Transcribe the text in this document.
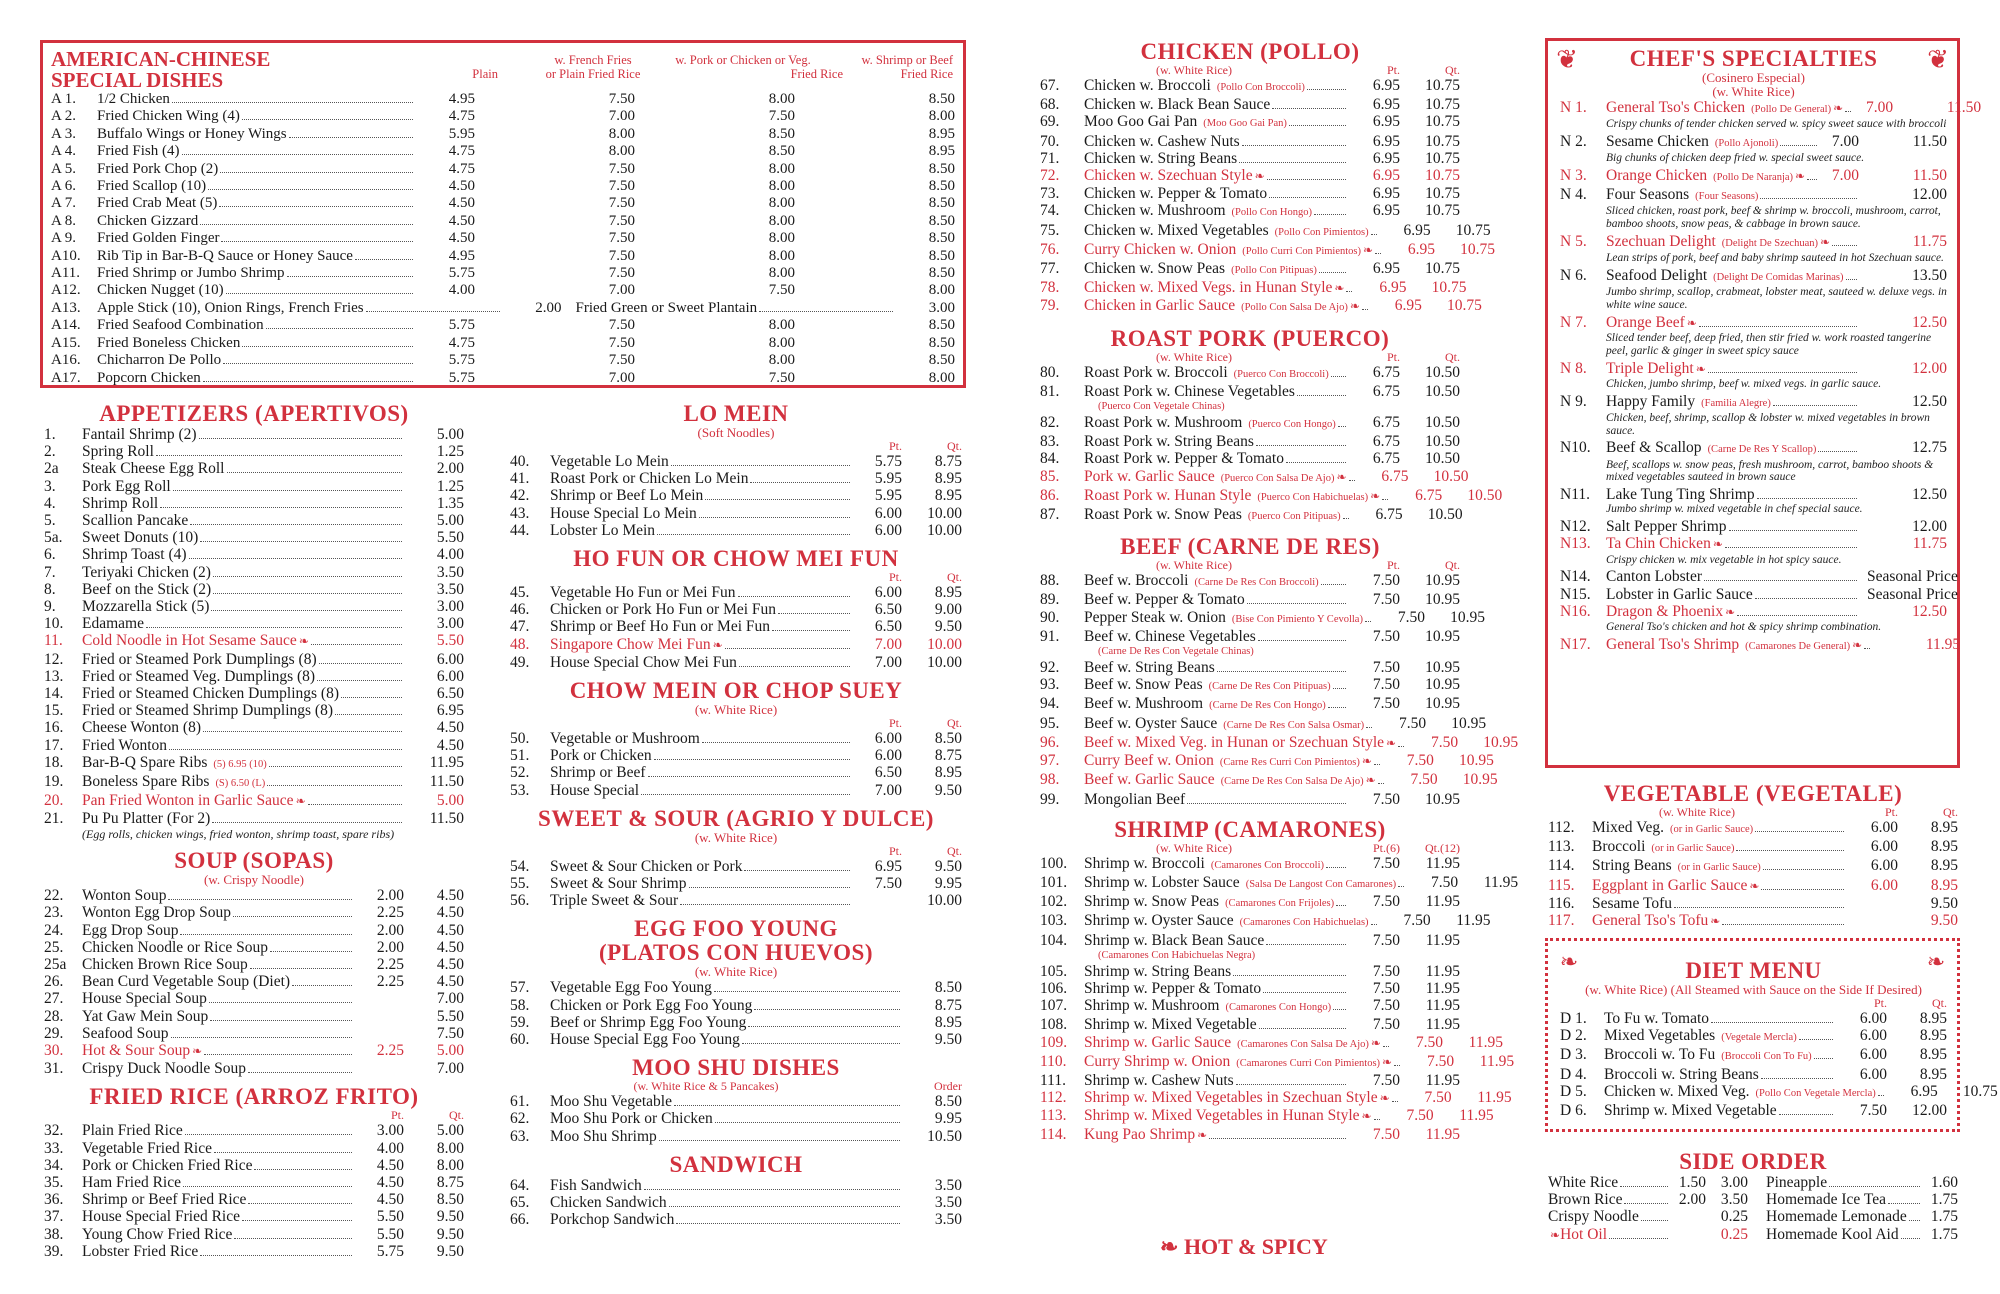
AMERICAN-CHINESE
SPECIAL DISHES	Plain
w. French Fries
or Plain Fried Rice
w. Pork or Chicken or Veg.
Fried Rice
w. Shrimp or Beef
Fried Rice
A 1.	1/2 Chicken	4.95	7.50	8.00	8.50
A 2.	Fried Chicken Wing (4)	4.75	7.00	7.50	8.00
A 3.	Buffalo Wings or Honey Wings	5.95	8.00	8.50	8.95
A 4.	Fried Fish (4)	4.75	8.00	8.50	8.95
A 5.	Fried Pork Chop (2)	4.75	7.50	8.00	8.50
A 6.	Fried Scallop (10)	4.50	7.50	8.00	8.50
A 7.	Fried Crab Meat (5)	4.50	7.50	8.00	8.50
A 8.	Chicken Gizzard	4.50	7.50	8.00	8.50
A 9.	Fried Golden Finger	4.50	7.50	8.00	8.50
A10.	Rib Tip in Bar-B-Q Sauce or Honey Sauce	4.95	7.50	8.00	8.50
A11.	Fried Shrimp or Jumbo Shrimp	5.75	7.50	8.00	8.50
A12.	Chicken Nugget (10)	4.00	7.00	7.50	8.00
A13.	Apple Stick (10), Onion Rings, French Fries	2.00 Fried Green or Sweet Plantain	3.00
A14.	Fried Seafood Combination	5.75	7.50	8.00	8.50
A15.	Fried Boneless Chicken	4.75	7.50	8.00	8.50
A16.	Chicharron De Pollo	5.75	7.50	8.00	8.50
A17.	Popcorn Chicken	5.75	7.00	7.50	8.00
APPETIZERS (APERTIVOS)
1.	Fantail Shrimp (2)	5.00
2.	Spring Roll	1.25
2a	Steak Cheese Egg Roll	2.00
3.	Pork Egg Roll	1.25
4.	Shrimp Roll	1.35
5.	Scallion Pancake	5.00
5a.	Sweet Donuts (10)	5.50
6.	Shrimp Toast (4)	4.00
7.	Teriyaki Chicken (2)	3.50
8.	Beef on the Stick (2)	3.50
9.	Mozzarella Stick (5)	3.00
10.	Edamame	3.00
11.	Cold Noodle in Hot Sesame Sauce ❧	5.50
12.	Fried or Steamed Pork Dumplings (8)	6.00
13.	Fried or Steamed Veg. Dumplings (8)	6.00
14.	Fried or Steamed Chicken Dumplings (8)	6.50
15.	Fried or Steamed Shrimp Dumplings (8)	6.95
16.	Cheese Wonton (8)	4.50
17.	Fried Wonton	4.50
18.	Bar-B-Q Spare Ribs (5) 6.95 (10)	11.95
19.	Boneless Spare Ribs (S) 6.50 (L)	11.50
20.	Pan Fried Wonton in Garlic Sauce ❧	5.00
21.	Pu Pu Platter (For 2)	11.50
(Egg rolls, chicken wings, fried wonton, shrimp toast, spare ribs)
SOUP (SOPAS)
(w. Crispy Noodle)
22.	Wonton Soup	2.00	4.50
23.	Wonton Egg Drop Soup	2.25	4.50
24.	Egg Drop Soup	2.00	4.50
25.	Chicken Noodle or Rice Soup	2.00	4.50
25a	Chicken Brown Rice Soup	2.25	4.50
26.	Bean Curd Vegetable Soup (Diet)	2.25	4.50
27.	House Special Soup	7.00
28.	Yat Gaw Mein Soup	5.50
29.	Seafood Soup	7.50
30.	Hot & Sour Soup ❧	2.25	5.00
31.	Crispy Duck Noodle Soup	7.00
FRIED RICE (ARROZ FRITO)
Pt.	Qt.
32.	Plain Fried Rice	3.00	5.00
33.	Vegetable Fried Rice	4.00	8.00
34.	Pork or Chicken Fried Rice	4.50	8.00
35.	Ham Fried Rice	4.50	8.75
36.	Shrimp or Beef Fried Rice	4.50	8.50
37.	House Special Fried Rice	5.50	9.50
38.	Young Chow Fried Rice	5.50	9.50
39.	Lobster Fried Rice	5.75	9.50
LO MEIN
(Soft Noodles)
Pt.	Qt.
40.	Vegetable Lo Mein	5.75	8.75
41.	Roast Pork or Chicken Lo Mein	5.95	8.95
42.	Shrimp or Beef Lo Mein	5.95	8.95
43.	House Special Lo Mein	6.00	10.00
44.	Lobster Lo Mein	6.00	10.00
HO FUN OR CHOW MEI FUN
Pt.	Qt.
45.	Vegetable Ho Fun or Mei Fun	6.00	8.95
46.	Chicken or Pork Ho Fun or Mei Fun	6.50	9.00
47.	Shrimp or Beef Ho Fun or Mei Fun	6.50	9.50
48.	Singapore Chow Mei Fun ❧	7.00	10.00
49.	House Special Chow Mei Fun	7.00	10.00
CHOW MEIN OR CHOP SUEY
(w. White Rice)
Pt.	Qt.
50.	Vegetable or Mushroom	6.00	8.50
51.	Pork or Chicken	6.00	8.75
52.	Shrimp or Beef	6.50	8.95
53.	House Special	7.00	9.50
SWEET & SOUR (AGRIO Y DULCE)
(w. White Rice)
Pt.	Qt.
54.	Sweet & Sour Chicken or Pork	6.95	9.50
55.	Sweet & Sour Shrimp	7.50	9.95
56.	Triple Sweet & Sour	10.00
EGG FOO YOUNG
(PLATOS CON HUEVOS)
(w. White Rice)
57.	Vegetable Egg Foo Young	8.50
58.	Chicken or Pork Egg Foo Young	8.75
59.	Beef or Shrimp Egg Foo Young	8.95
60.	House Special Egg Foo Young	9.50
MOO SHU DISHES
(w. White Rice & 5 Pancakes)	Order
61.	Moo Shu Vegetable	8.50
62.	Moo Shu Pork or Chicken	9.95
63.	Moo Shu Shrimp	10.50
SANDWICH
64.	Fish Sandwich	3.50
65.	Chicken Sandwich	3.50
66.	Porkchop Sandwich	3.50
CHICKEN (POLLO)
(w. White Rice)	Pt.	Qt.
67.	Chicken w. Broccoli (Pollo Con Broccoli)	6.95	10.75
68.	Chicken w. Black Bean Sauce	6.95	10.75
69.	Moo Goo Gai Pan (Moo Goo Gai Pan)	6.95	10.75
70.	Chicken w. Cashew Nuts	6.95	10.75
71.	Chicken w. String Beans	6.95	10.75
72.	Chicken w. Szechuan Style ❧	6.95	10.75
73.	Chicken w. Pepper & Tomato	6.95	10.75
74.	Chicken w. Mushroom (Pollo Con Hongo)	6.95	10.75
75.	Chicken w. Mixed Vegetables (Pollo Con Pimientos)	6.95	10.75
76.	Curry Chicken w. Onion (Pollo Curri Con Pimientos) ❧	6.95	10.75
77.	Chicken w. Snow Peas (Pollo Con Pitipuas)	6.95	10.75
78.	Chicken w. Mixed Vegs. in Hunan Style ❧	6.95	10.75
79.	Chicken in Garlic Sauce (Pollo Con Salsa De Ajo) ❧	6.95	10.75
ROAST PORK (PUERCO)
(w. White Rice)	Pt.	Qt.
80.	Roast Pork w. Broccoli (Puerco Con Broccoli)	6.75	10.50
81.	Roast Pork w. Chinese Vegetables	6.75	10.50
(Puerco Con Vegetale Chinas)
82.	Roast Pork w. Mushroom (Puerco Con Hongo)	6.75	10.50
83.	Roast Pork w. String Beans	6.75	10.50
84.	Roast Pork w. Pepper & Tomato	6.75	10.50
85.	Pork w. Garlic Sauce (Puerco Con Salsa De Ajo) ❧	6.75	10.50
86.	Roast Pork w. Hunan Style (Puerco Con Habichuelas) ❧	6.75	10.50
87.	Roast Pork w. Snow Peas (Puerco Con Pitipuas)	6.75	10.50
BEEF (CARNE DE RES)
(w. White Rice)	Pt.	Qt.
88.	Beef w. Broccoli (Carne De Res Con Broccoli)	7.50	10.95
89.	Beef w. Pepper & Tomato	7.50	10.95
90.	Pepper Steak w. Onion (Bise Con Pimiento Y Cevolla)	7.50	10.95
91.	Beef w. Chinese Vegetables	7.50	10.95
(Carne De Res Con Vegetale Chinas)
92.	Beef w. String Beans	7.50	10.95
93.	Beef w. Snow Peas (Carne De Res Con Pitipuas)	7.50	10.95
94.	Beef w. Mushroom (Carne De Res Con Hongo)	7.50	10.95
95.	Beef w. Oyster Sauce (Carne De Res Con Salsa Osmar)	7.50	10.95
96.	Beef w. Mixed Veg. in Hunan or Szechuan Style ❧	7.50	10.95
97.	Curry Beef w. Onion (Carne Res Curri Con Pimientos) ❧	7.50	10.95
98.	Beef w. Garlic Sauce (Carne De Res Con Salsa De Ajo) ❧	7.50	10.95
99.	Mongolian Beef	7.50	10.95
SHRIMP (CAMARONES)
(w. White Rice)	Pt.(6)	Qt.(12)
100.	Shrimp w. Broccoli (Camarones Con Broccoli)	7.50	11.95
101.	Shrimp w. Lobster Sauce (Salsa De Langost Con Camarones)	7.50	11.95
102.	Shrimp w. Snow Peas (Camarones Con Frijoles)	7.50	11.95
103.	Shrimp w. Oyster Sauce (Camarones Con Habichuelas)	7.50	11.95
104.	Shrimp w. Black Bean Sauce	7.50	11.95
(Camarones Con Habichuelas Negra)
105.	Shrimp w. String Beans	7.50	11.95
106.	Shrimp w. Pepper & Tomato	7.50	11.95
107.	Shrimp w. Mushroom (Camarones Con Hongo)	7.50	11.95
108.	Shrimp w. Mixed Vegetable	7.50	11.95
109.	Shrimp w. Garlic Sauce (Camarones Con Salsa De Ajo) ❧	7.50	11.95
110.	Curry Shrimp w. Onion (Camarones Curri Con Pimientos) ❧	7.50	11.95
111.	Shrimp w. Cashew Nuts	7.50	11.95
112.	Shrimp w. Mixed Vegetables in Szechuan Style ❧	7.50	11.95
113.	Shrimp w. Mixed Vegetables in Hunan Style ❧	7.50	11.95
114.	Kung Pao Shrimp ❧	7.50	11.95
❦	❦
CHEF'S SPECIALTIES
(Cosinero Especial)
(w. White Rice)
N 1.	General Tso's Chicken (Pollo De General) ❧	7.00	11.50
Crispy chunks of tender chicken served w. spicy sweet sauce with broccoli
N 2.	Sesame Chicken (Pollo Ajonoli)	7.00	11.50
Big chunks of chicken deep fried w. special sweet sauce.
N 3.	Orange Chicken (Pollo De Naranja) ❧	7.00	11.50
N 4.	Four Seasons (Four Seasons)	12.00
Sliced chicken, roast pork, beef & shrimp w. broccoli, mushroom, carrot, bamboo shoots, snow peas, & cabbage in brown sauce.
N 5.	Szechuan Delight (Delight De Szechuan) ❧	11.75
Lean strips of pork, beef and baby shrimp sauteed in hot Szechuan sauce.
N 6.	Seafood Delight (Delight De Comidas Marinas)	13.50
Jumbo shrimp, scallop, crabmeat, lobster meat, sauteed w. deluxe vegs. in white wine sauce.
N 7.	Orange Beef ❧	12.50
Sliced tender beef, deep fried, then stir fried w. work roasted tangerine peel, garlic & ginger in sweet spicy sauce
N 8.	Triple Delight ❧	12.00
Chicken, jumbo shrimp, beef w. mixed vegs. in garlic sauce.
N 9.	Happy Family (Familia Alegre)	12.50
Chicken, beef, shrimp, scallop & lobster w. mixed vegetables in brown sauce.
N10. Beef & Scallop (Carne De Res Y Scallop)	12.75
Beef, scallops w. snow peas, fresh mushroom, carrot, bamboo shoots & mixed vegetables sauteed in brown sauce
N11.	Lake Tung Ting Shrimp	12.50
Jumbo shrimp w. mixed vegetable in chef special sauce.
N12. Salt Pepper Shrimp	12.00
N13. Ta Chin Chicken ❧	11.75
Crispy chicken w. mix vegetable in hot spicy sauce.
N14. Canton Lobster	Seasonal Price
N15. Lobster in Garlic Sauce	Seasonal Price
N16. Dragon & Phoenix ❧	12.50
General Tso's chicken and hot & spicy shrimp combination.
N17. General Tso's Shrimp (Camarones De General) ❧	11.95
VEGETABLE (VEGETALE)
(w. White Rice)	Pt.	Qt.
112.	Mixed Veg. (or in Garlic Sauce)	6.00	8.95
113.	Broccoli (or in Garlic Sauce)	6.00	8.95
114.	String Beans (or in Garlic Sauce)	6.00	8.95
115.	Eggplant in Garlic Sauce ❧	6.00	8.95
116.	Sesame Tofu	9.50
117.	General Tso's Tofu ❧	9.50
❧	❧
DIET MENU
(w. White Rice) (All Steamed with Sauce on the Side If Desired)
Pt.	Qt.
D 1.	To Fu w. Tomato	6.00	8.95
D 2.	Mixed Vegetables (Vegetale Mercla)	6.00	8.95
D 3.	Broccoli w. To Fu (Broccoli Con To Fu)	6.00	8.95
D 4.	Broccoli w. String Beans	6.00	8.95
D 5.	Chicken w. Mixed Veg. (Pollo Con Vegetale Mercla)	6.95	10.75
D 6.	Shrimp w. Mixed Vegetable	7.50	12.00
SIDE ORDER
White Rice	1.50 3.00
Brown Rice	2.00 3.50
Crispy Noodle	0.25
❧ Hot Oil	0.25
Pineapple	1.60
Homemade Ice Tea	1.75
Homemade Lemonade	1.75
Homemade Kool Aid	1.75
❧ HOT & SPICY
